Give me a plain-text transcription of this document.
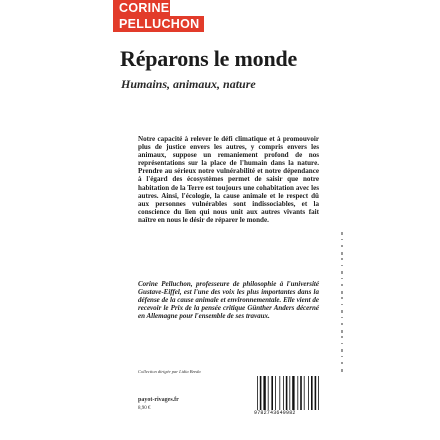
CORINE
PELLUCHON
Réparons le monde
Humains, animaux, nature

Notre capacité à relever le défi climatique et à promouvoir plus de justice envers les autres, y compris envers les animaux, suppose un remaniement profond de nos représentations sur la place de l'humain dans la nature. Prendre au sérieux notre vulnérabilité et notre dépendance à l'égard des écosystèmes permet de saisir que notre habitation de la Terre est toujours une cohabitation avec les autres. Ainsi, l'écologie, la cause animale et le respect dû aux personnes vulnérables sont indissociables, et la conscience du lien qui nous unit aux autres vivants fait naître en nous le désir de réparer le monde.

Corine Pelluchon, professeure de philosophie à l'université Gustave-Eiffel, est l'une des voix les plus importantes dans la défense de la cause animale et environnementale. Elle vient de recevoir le Prix de la pensée critique Günther Anders décerné en Allemagne pour l'ensemble de ses travaux.

Collection dirigée par Lidia Breda
payot-rivages.fr
8,90 €
9782743649982
